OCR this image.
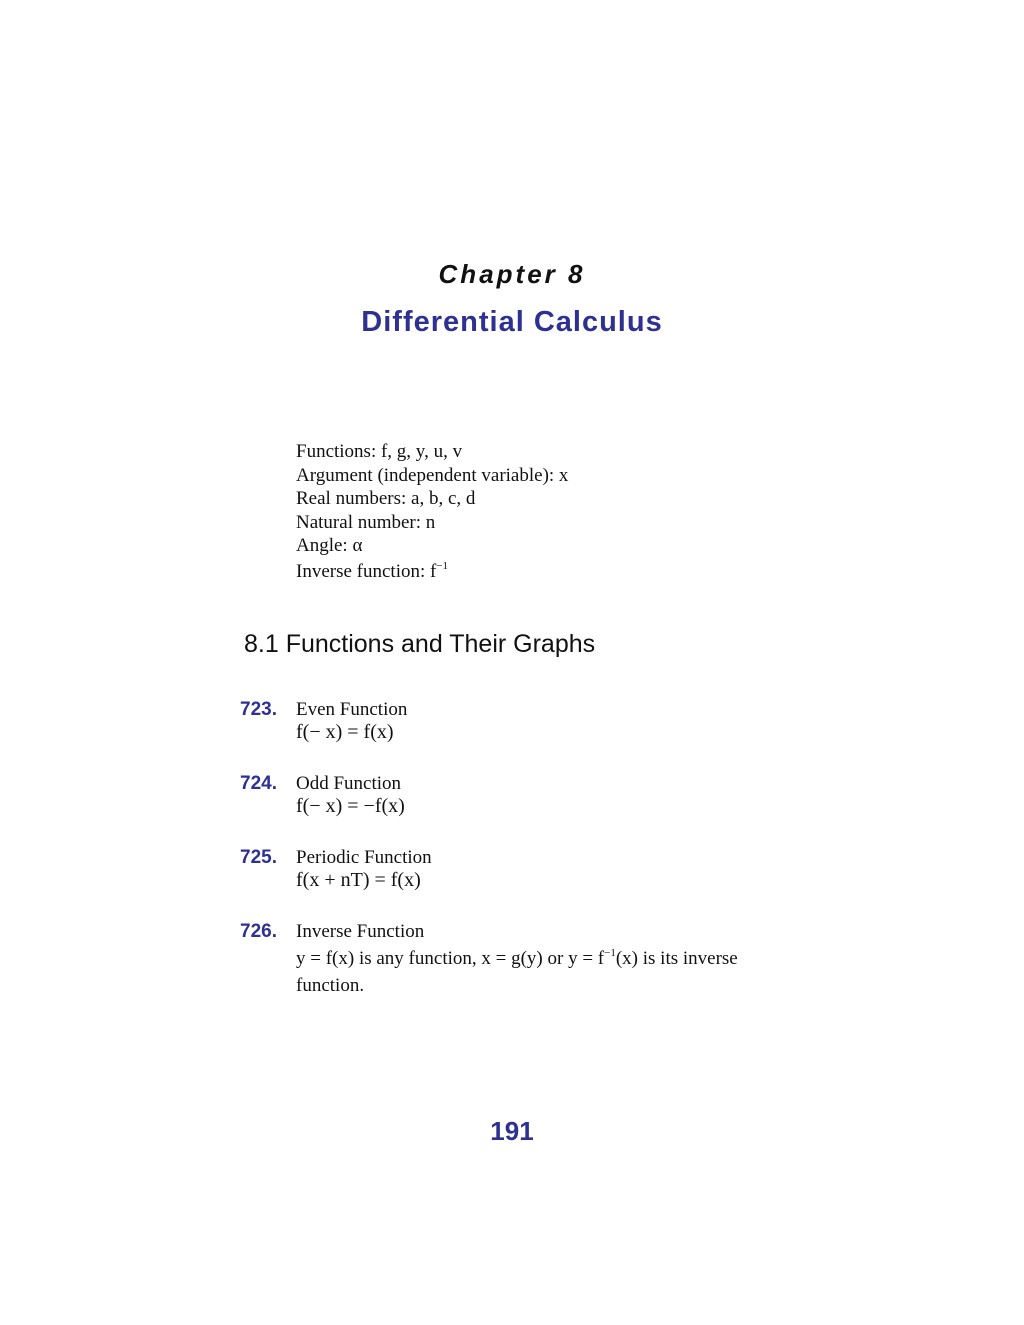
Chapter 8
Differential Calculus
Functions: f, g, y, u, v
Argument (independent variable): x
Real numbers: a, b, c, d
Natural number: n
Angle: α
Inverse function: $f^{-1}$
8.1 Functions and Their Graphs
723. Even Function
f(− x) = f(x)
724. Odd Function
f(− x) = −f(x)
725. Periodic Function
f(x + nT) = f(x)
726. Inverse Function
y = f(x) is any function, x = g(y) or $y = f^{-1}(x)$ is its inverse function.
191
